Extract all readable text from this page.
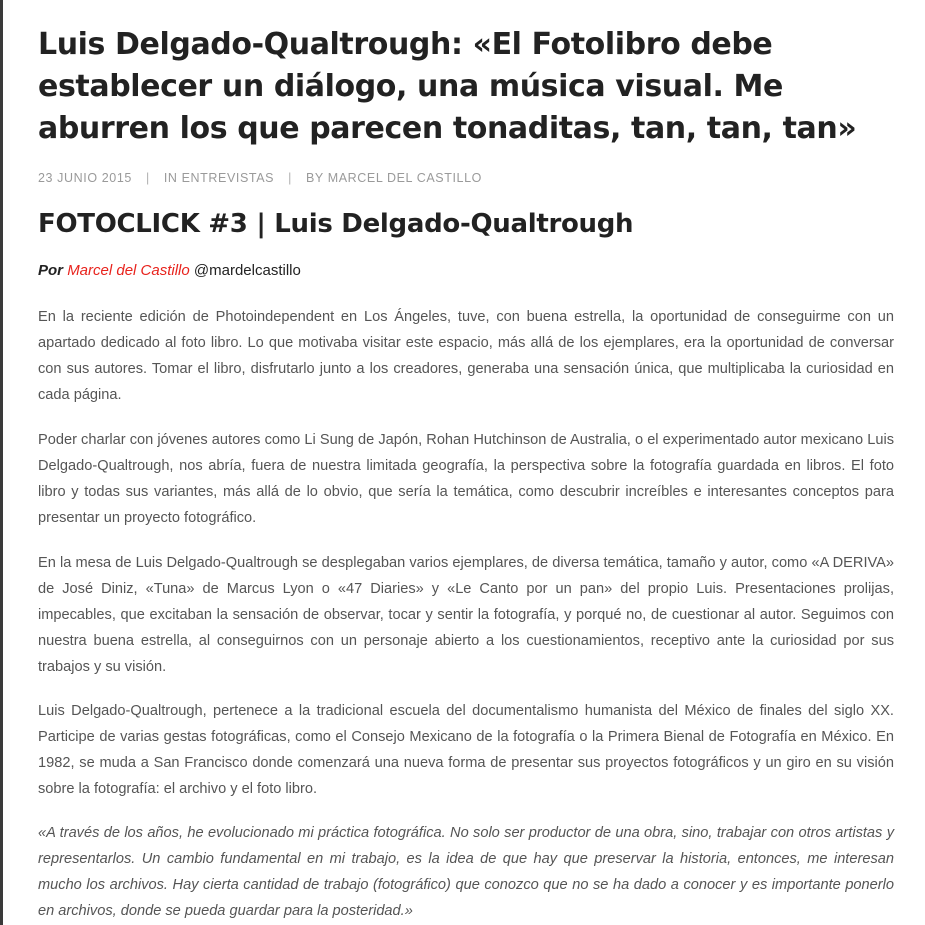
Luis Delgado-Qualtrough: «El Fotolibro debe establecer un diálogo, una música visual. Me aburren los que parecen tonaditas, tan, tan, tan»
23 JUNIO 2015 | IN ENTREVISTAS | BY MARCEL DEL CASTILLO
FOTOCLICK #3 | Luis Delgado-Qualtrough
Por Marcel del Castillo @mardelcastillo

En la reciente edición de Photoindependent en Los Ángeles, tuve, con buena estrella, la oportunidad de conseguirme con un apartado dedicado al foto libro. Lo que motivaba visitar este espacio, más allá de los ejemplares, era la oportunidad de conversar con sus autores. Tomar el libro, disfrutarlo junto a los creadores, generaba una sensación única, que multiplicaba la curiosidad en cada página.

Poder charlar con jóvenes autores como Li Sung de Japón, Rohan Hutchinson de Australia, o el experimentado autor mexicano Luis Delgado-Qualtrough, nos abría, fuera de nuestra limitada geografía, la perspectiva sobre la fotografía guardada en libros. El foto libro y todas sus variantes, más allá de lo obvio, que sería la temática, como descubrir increíbles e interesantes conceptos para presentar un proyecto fotográfico.

En la mesa de Luis Delgado-Qualtrough se desplegaban varios ejemplares, de diversa temática, tamaño y autor, como «A DERIVA» de José Diniz, «Tuna» de Marcus Lyon o «47 Diaries» y «Le Canto por un pan» del propio Luis. Presentaciones prolijas, impecables, que excitaban la sensación de observar, tocar y sentir la fotografía, y porqué no, de cuestionar al autor. Seguimos con nuestra buena estrella, al conseguirnos con un personaje abierto a los cuestionamientos, receptivo ante la curiosidad por sus trabajos y su visión.

Luis Delgado-Qualtrough, pertenece a la tradicional escuela del documentalismo humanista del México de finales del siglo XX. Participe de varias gestas fotográficas, como el Consejo Mexicano de la fotografía o la Primera Bienal de Fotografía en México. En 1982, se muda a San Francisco donde comenzará una nueva forma de presentar sus proyectos fotográficos y un giro en su visión sobre la fotografía: el archivo y el foto libro.

«A través de los años, he evolucionado mi práctica fotográfica. No solo ser productor de una obra, sino, trabajar con otros artistas y representarlos. Un cambio fundamental en mi trabajo, es la idea de que hay que preservar la historia, entonces, me interesan mucho los archivos. Hay cierta cantidad de trabajo (fotográfico) que conozco que no se ha dado a conocer y es importante ponerlo en archivos, donde se pueda guardar para la posteridad.»
